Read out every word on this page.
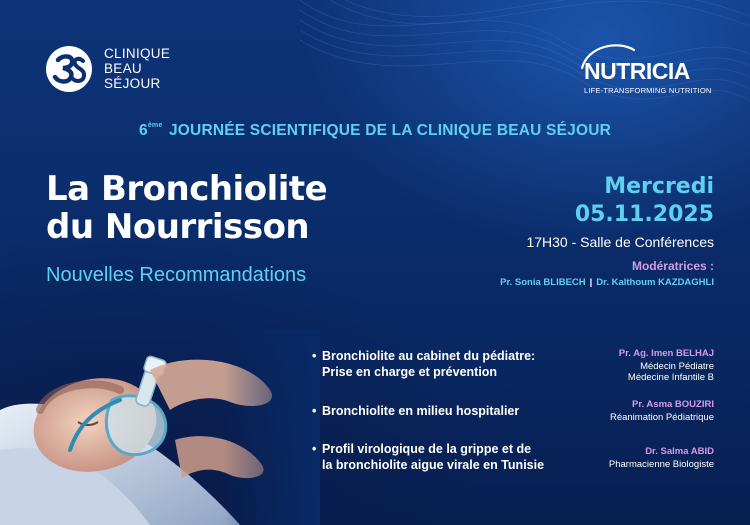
CLINIQUE
BEAU
SÉJOUR	NUTRICIA
LIFE-TRANSFORMING NUTRITION
6ème JOURNÉE SCIENTIFIQUE DE LA CLINIQUE BEAU SÉJOUR
La Bronchiolite
du Nourrisson
Nouvelles Recommandations
Mercredi
05.11.2025
17H30 - Salle de Conférences
Modératrices :
Pr. Sonia BLIBECH | Dr. Kalthoum KAZDAGHLI
• Bronchiolite au cabinet du pédiatre:
Prise en charge et prévention
Pr. Ag. Imen BELHAJ
Médecin Pédiatre
Médecine Infantile B
• Bronchiolite en milieu hospitalier	Pr. Asma BOUZIRI
Réanimation Pédiatrique
• Profil virologique de la grippe et de
la bronchiolite aigue virale en Tunisie
Dr. Salma ABID
Pharmacienne Biologiste
